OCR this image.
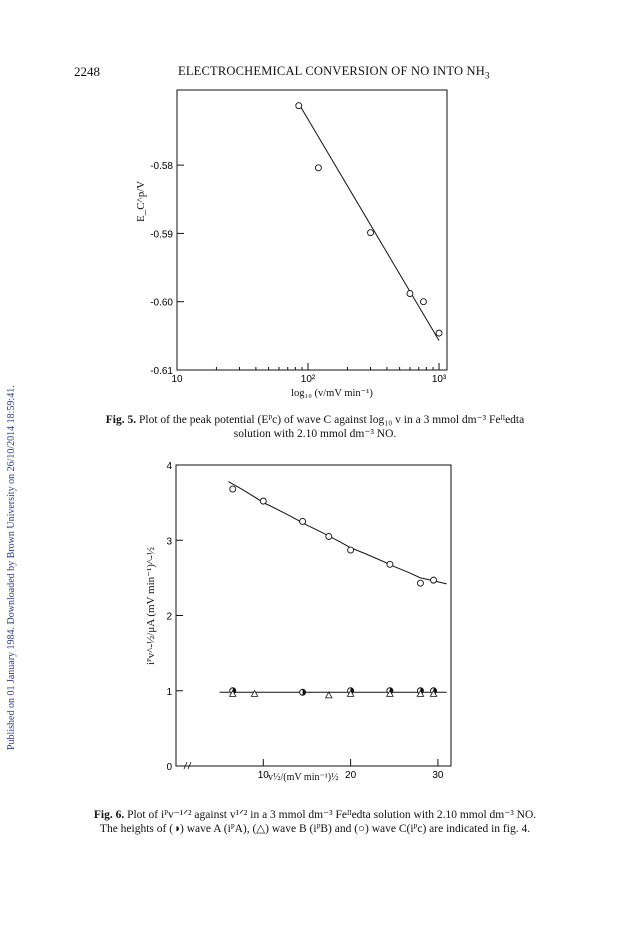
2248	ELECTROCHEMICAL CONVERSION OF NO INTO $NH_3$
Published on 01 January 1984. Downloaded by Brown University on 26/10/2014 18:59:41.
-0.58
-0.59
-0.60
-0.61
10	10²	10³
0
1
2
3
4
10	20	30
log₁₀ (v/mV min⁻¹)
E_C^p/V
Fig. 5. Plot of the peak potential (Eᴾc) of wave C against log₁₀ v in a 3 mmol dm⁻³ Feᴵᴵedta
solution with 2.10 mmol dm⁻³ NO.
v½/(mV min⁻¹)½
iᴾv^-½/μA (mV min⁻¹)^-½
Fig. 6. Plot of iᴾv⁻¹ᐟ² against v¹ᐟ² in a 3 mmol dm⁻³ Feᴵᴵedta solution with 2.10 mmol dm⁻³ NO.
The heights of (◑) wave A (iᴾA), (△) wave B (iᴾB) and (○) wave C(iᴾc) are indicated in fig. 4.
